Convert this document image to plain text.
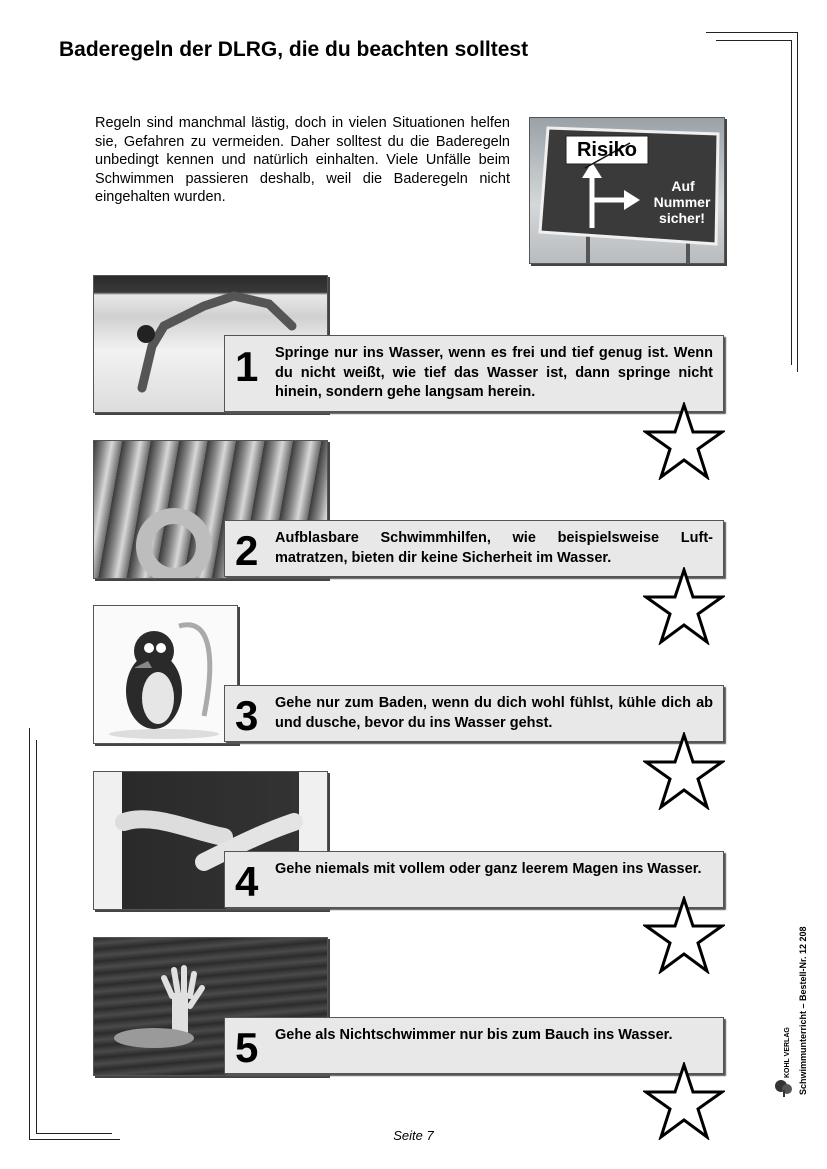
Baderegeln der DLRG, die du beachten solltest
Regeln sind manchmal lästig, doch in vielen Situationen helfen sie, Gefahren zu vermeiden. Daher solltest du die Baderegeln unbedingt kennen und natürlich einhalten. Viele Unfälle beim Schwimmen passieren deshalb, weil die Baderegeln nicht eingehalten wurden.
Risiko
Auf
Nummer
sicher!
1 Springe nur ins Wasser, wenn es frei und tief genug ist. Wenn du nicht weißt, wie tief das Wasser ist, dann springe nicht hinein, sondern gehe langsam herein.
2 Aufblasbare Schwimmhilfen, wie beispielsweise Luft-matratzen, bieten dir keine Sicherheit im Wasser.
3 Gehe nur zum Baden, wenn du dich wohl fühlst, kühle dich ab und dusche, bevor du ins Wasser gehst.
4 Gehe niemals mit vollem oder ganz leerem Magen ins Wasser.
5 Gehe als Nichtschwimmer nur bis zum Bauch ins Wasser.	Schwimmunterricht – Bestell-Nr. 12 208
KOHL VERLAG
Seite 7
